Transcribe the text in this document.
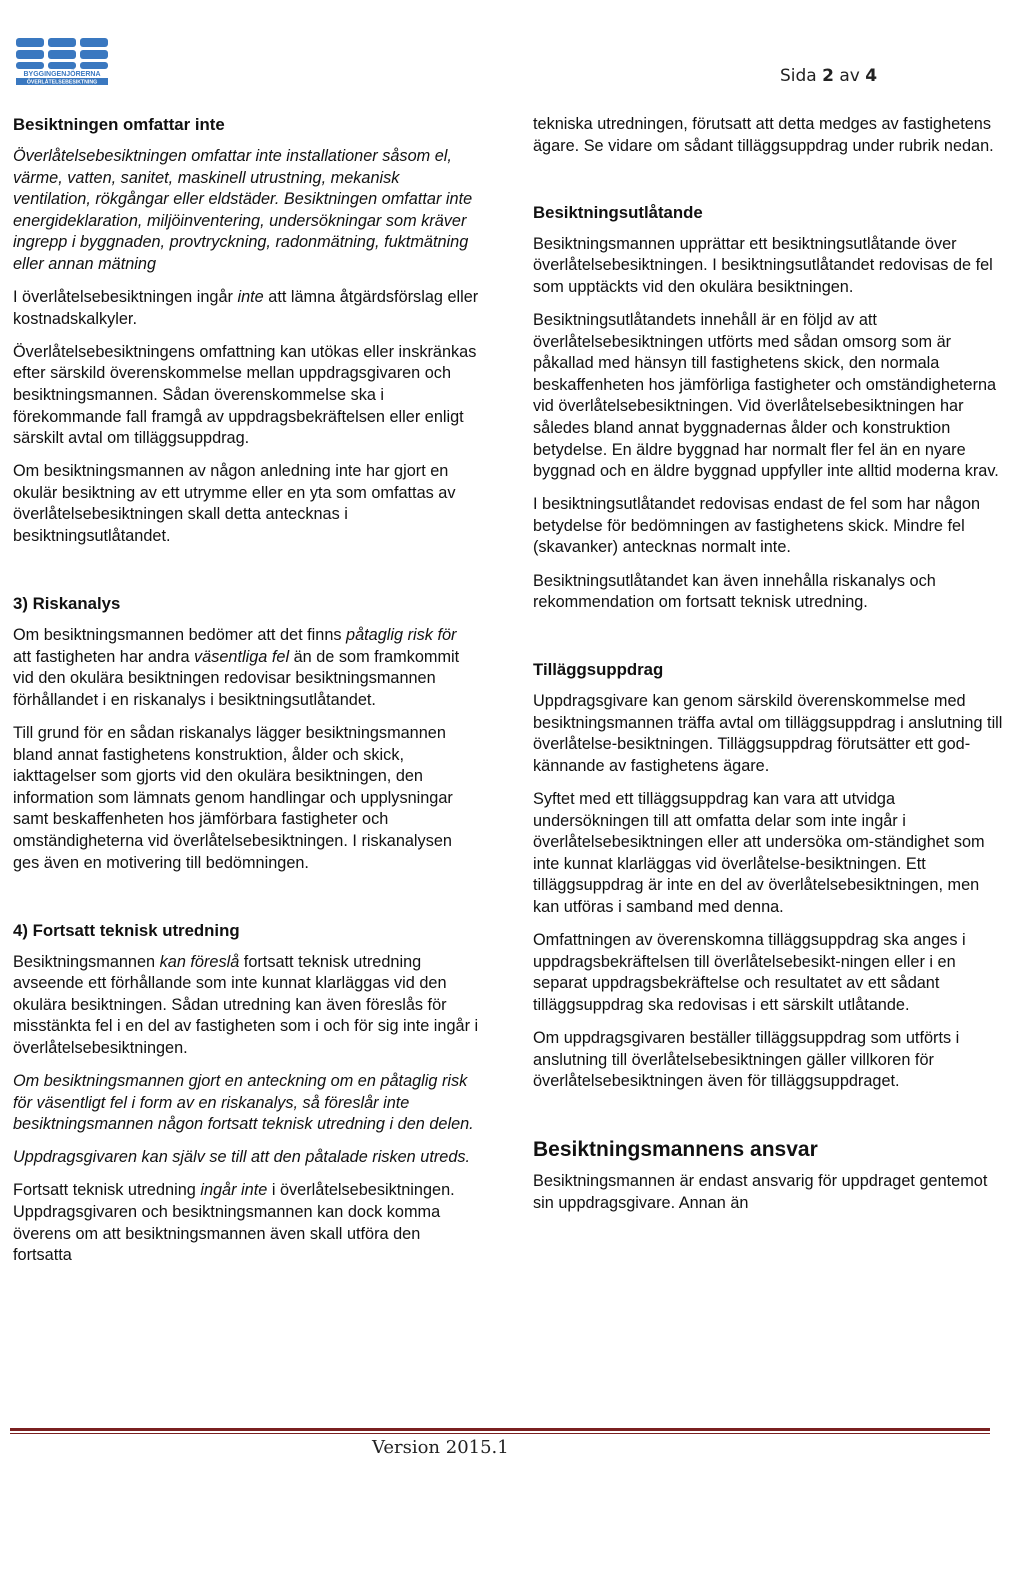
BYGGINGENJÖRERNA
ÖVERLÅTELSEBESIKTNING	Sida 2 av 4
Besiktningen omfattar inte

Överlåtelsebesiktningen omfattar inte installationer såsom el, värme, vatten, sanitet, maskinell utrustning, mekanisk ventilation, rökgångar eller eldstäder. Besiktningen omfattar inte energideklaration, miljöinventering, undersökningar som kräver ingrepp i byggnaden, provtryckning, radonmätning, fuktmätning eller annan mätning

I överlåtelsebesiktningen ingår inte att lämna åtgärdsförslag eller kostnadskalkyler.

Överlåtelsebesiktningens omfattning kan utökas eller inskränkas efter särskild överenskommelse mellan uppdragsgivaren och besiktningsmannen. Sådan överenskommelse ska i förekommande fall framgå av uppdragsbekräftelsen eller enligt särskilt avtal om tilläggsuppdrag.

Om besiktningsmannen av någon anledning inte har gjort en okulär besiktning av ett utrymme eller en yta som omfattas av överlåtelsebesiktningen skall detta antecknas i besiktningsutlåtandet.

3) Riskanalys

Om besiktningsmannen bedömer att det finns påtaglig risk för att fastigheten har andra väsentliga fel än de som framkommit vid den okulära besiktningen redovisar besiktningsmannen förhållandet i en riskanalys i besiktningsutlåtandet.

Till grund för en sådan riskanalys lägger besiktningsmannen bland annat fastighetens konstruktion, ålder och skick, iakttagelser som gjorts vid den okulära besiktningen, den information som lämnats genom handlingar och upplysningar samt beskaffenheten hos jämförbara fastigheter och omständigheterna vid överlåtelsebesiktningen. I riskanalysen ges även en motivering till bedömningen.

4) Fortsatt teknisk utredning

Besiktningsmannen kan föreslå fortsatt teknisk utredning avseende ett förhållande som inte kunnat klarläggas vid den okulära besiktningen. Sådan utredning kan även föreslås för misstänkta fel i en del av fastigheten som i och för sig inte ingår i överlåtelsebesiktningen.

Om besiktningsmannen gjort en anteckning om en påtaglig risk för väsentligt fel i form av en riskanalys, så föreslår inte besiktningsmannen någon fortsatt teknisk utredning i den delen.

Uppdragsgivaren kan själv se till att den påtalade risken utreds.

Fortsatt teknisk utredning ingår inte i överlåtelsebesiktningen. Uppdragsgivaren och besiktningsmannen kan dock komma överens om att besiktningsmannen även skall utföra den fortsatta

tekniska utredningen, förutsatt att detta medges av fastighetens ägare. Se vidare om sådant tilläggsuppdrag under rubrik nedan.

Besiktningsutlåtande

Besiktningsmannen upprättar ett besiktningsutlåtande över överlåtelsebesiktningen. I besiktningsutlåtandet redovisas de fel som upptäckts vid den okulära besiktningen.

Besiktningsutlåtandets innehåll är en följd av att överlåtelsebesiktningen utförts med sådan omsorg som är påkallad med hänsyn till fastighetens skick, den normala beskaffenheten hos jämförliga fastigheter och omständigheterna vid överlåtelsebesiktningen. Vid överlåtelsebesiktningen har således bland annat byggnadernas ålder och konstruktion betydelse. En äldre byggnad har normalt fler fel än en nyare byggnad och en äldre byggnad uppfyller inte alltid moderna krav.

I besiktningsutlåtandet redovisas endast de fel som har någon betydelse för bedömningen av fastighetens skick. Mindre fel (skavanker) antecknas normalt inte.

Besiktningsutlåtandet kan även innehålla riskanalys och rekommendation om fortsatt teknisk utredning.

Tilläggsuppdrag

Uppdragsgivare kan genom särskild överenskommelse med besiktningsmannen träffa avtal om tilläggsuppdrag i anslutning till överlåtelse-besiktningen. Tilläggsuppdrag förutsätter ett god-kännande av fastighetens ägare.

Syftet med ett tilläggsuppdrag kan vara att utvidga undersökningen till att omfatta delar som inte ingår i överlåtelsebesiktningen eller att undersöka om-ständighet som inte kunnat klarläggas vid överlåtelse-besiktningen. Ett tilläggsuppdrag är inte en del av överlåtelsebesiktningen, men kan utföras i samband med denna.

Omfattningen av överenskomna tilläggsuppdrag ska anges i uppdragsbekräftelsen till överlåtelsebesikt-ningen eller i en separat uppdragsbekräftelse och resultatet av ett sådant tilläggsuppdrag ska redovisas i ett särskilt utlåtande.

Om uppdragsgivaren beställer tilläggsuppdrag som utförts i anslutning till överlåtelsebesiktningen gäller villkoren för överlåtelsebesiktningen även för tilläggsuppdraget.

Besiktningsmannens ansvar

Besiktningsmannen är endast ansvarig för uppdraget gentemot sin uppdragsgivare. Annan än

Version 2015.1
